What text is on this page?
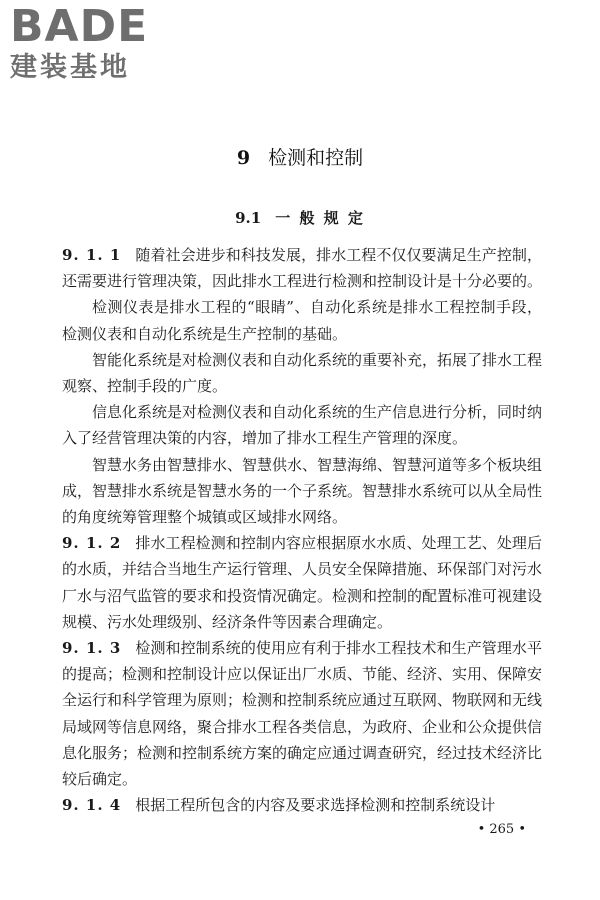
BADE
建装基地
9 检测和控制
9.1 一 般 规 定

9. 1. 1 随着社会进步和科技发展，排水工程不仅仅要满足生产控制，还需要进行管理决策，因此排水工程进行检测和控制设计是十分必要的。

检测仪表是排水工程的“眼睛”、自动化系统是排水工程控制手段，检测仪表和自动化系统是生产控制的基础。

智能化系统是对检测仪表和自动化系统的重要补充，拓展了排水工程观察、控制手段的广度。

信息化系统是对检测仪表和自动化系统的生产信息进行分析，同时纳入了经营管理决策的内容，增加了排水工程生产管理的深度。

智慧水务由智慧排水、智慧供水、智慧海绵、智慧河道等多个板块组成，智慧排水系统是智慧水务的一个子系统。智慧排水系统可以从全局性的角度统筹管理整个城镇或区域排水网络。

9. 1. 2 排水工程检测和控制内容应根据原水水质、处理工艺、处理后的水质，并结合当地生产运行管理、人员安全保障措施、环保部门对污水厂水与沼气监管的要求和投资情况确定。检测和控制的配置标准可视建设规模、污水处理级别、经济条件等因素合理确定。

9. 1. 3 检测和控制系统的使用应有利于排水工程技术和生产管理水平的提高；检测和控制设计应以保证出厂水质、节能、经济、实用、保障安全运行和科学管理为原则；检测和控制系统应通过互联网、物联网和无线局域网等信息网络，聚合排水工程各类信息，为政府、企业和公众提供信息化服务；检测和控制系统方案的确定应通过调查研究，经过技术经济比较后确定。

9. 1. 4 根据工程所包含的内容及要求选择检测和控制系统设计

• 265 •
